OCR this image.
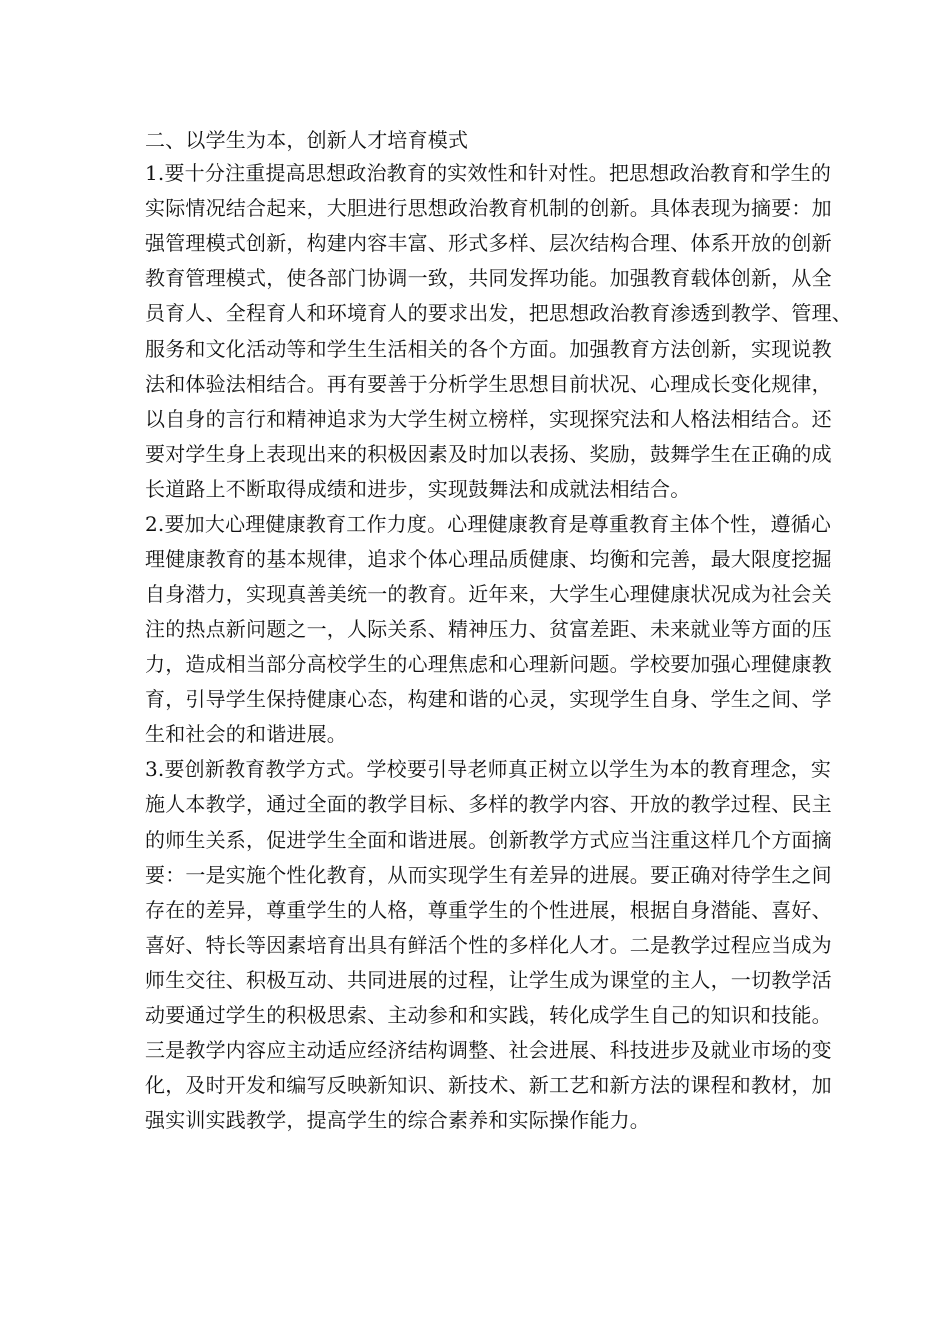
二、以学生为本，创新人才培育模式
1.要十分注重提高思想政治教育的实效性和针对性。把思想政治教育和学生的
实际情况结合起来，大胆进行思想政治教育机制的创新。具体表现为摘要：加
强管理模式创新，构建内容丰富、形式多样、层次结构合理、体系开放的创新
教育管理模式，使各部门协调一致，共同发挥功能。加强教育载体创新，从全
员育人、全程育人和环境育人的要求出发，把思想政治教育渗透到教学、管理、
服务和文化活动等和学生生活相关的各个方面。加强教育方法创新，实现说教
法和体验法相结合。再有要善于分析学生思想目前状况、心理成长变化规律，
以自身的言行和精神追求为大学生树立榜样，实现探究法和人格法相结合。还
要对学生身上表现出来的积极因素及时加以表扬、奖励，鼓舞学生在正确的成
长道路上不断取得成绩和进步，实现鼓舞法和成就法相结合。
2.要加大心理健康教育工作力度。心理健康教育是尊重教育主体个性，遵循心
理健康教育的基本规律，追求个体心理品质健康、均衡和完善，最大限度挖掘
自身潜力，实现真善美统一的教育。近年来，大学生心理健康状况成为社会关
注的热点新问题之一，人际关系、精神压力、贫富差距、未来就业等方面的压
力，造成相当部分高校学生的心理焦虑和心理新问题。学校要加强心理健康教
育，引导学生保持健康心态，构建和谐的心灵，实现学生自身、学生之间、学
生和社会的和谐进展。
3.要创新教育教学方式。学校要引导老师真正树立以学生为本的教育理念，实
施人本教学，通过全面的教学目标、多样的教学内容、开放的教学过程、民主
的师生关系，促进学生全面和谐进展。创新教学方式应当注重这样几个方面摘
要：一是实施个性化教育，从而实现学生有差异的进展。要正确对待学生之间
存在的差异，尊重学生的人格，尊重学生的个性进展，根据自身潜能、喜好、
喜好、特长等因素培育出具有鲜活个性的多样化人才。二是教学过程应当成为
师生交往、积极互动、共同进展的过程，让学生成为课堂的主人，一切教学活
动要通过学生的积极思索、主动参和和实践，转化成学生自己的知识和技能。
三是教学内容应主动适应经济结构调整、社会进展、科技进步及就业市场的变
化，及时开发和编写反映新知识、新技术、新工艺和新方法的课程和教材，加
强实训实践教学，提高学生的综合素养和实际操作能力。
